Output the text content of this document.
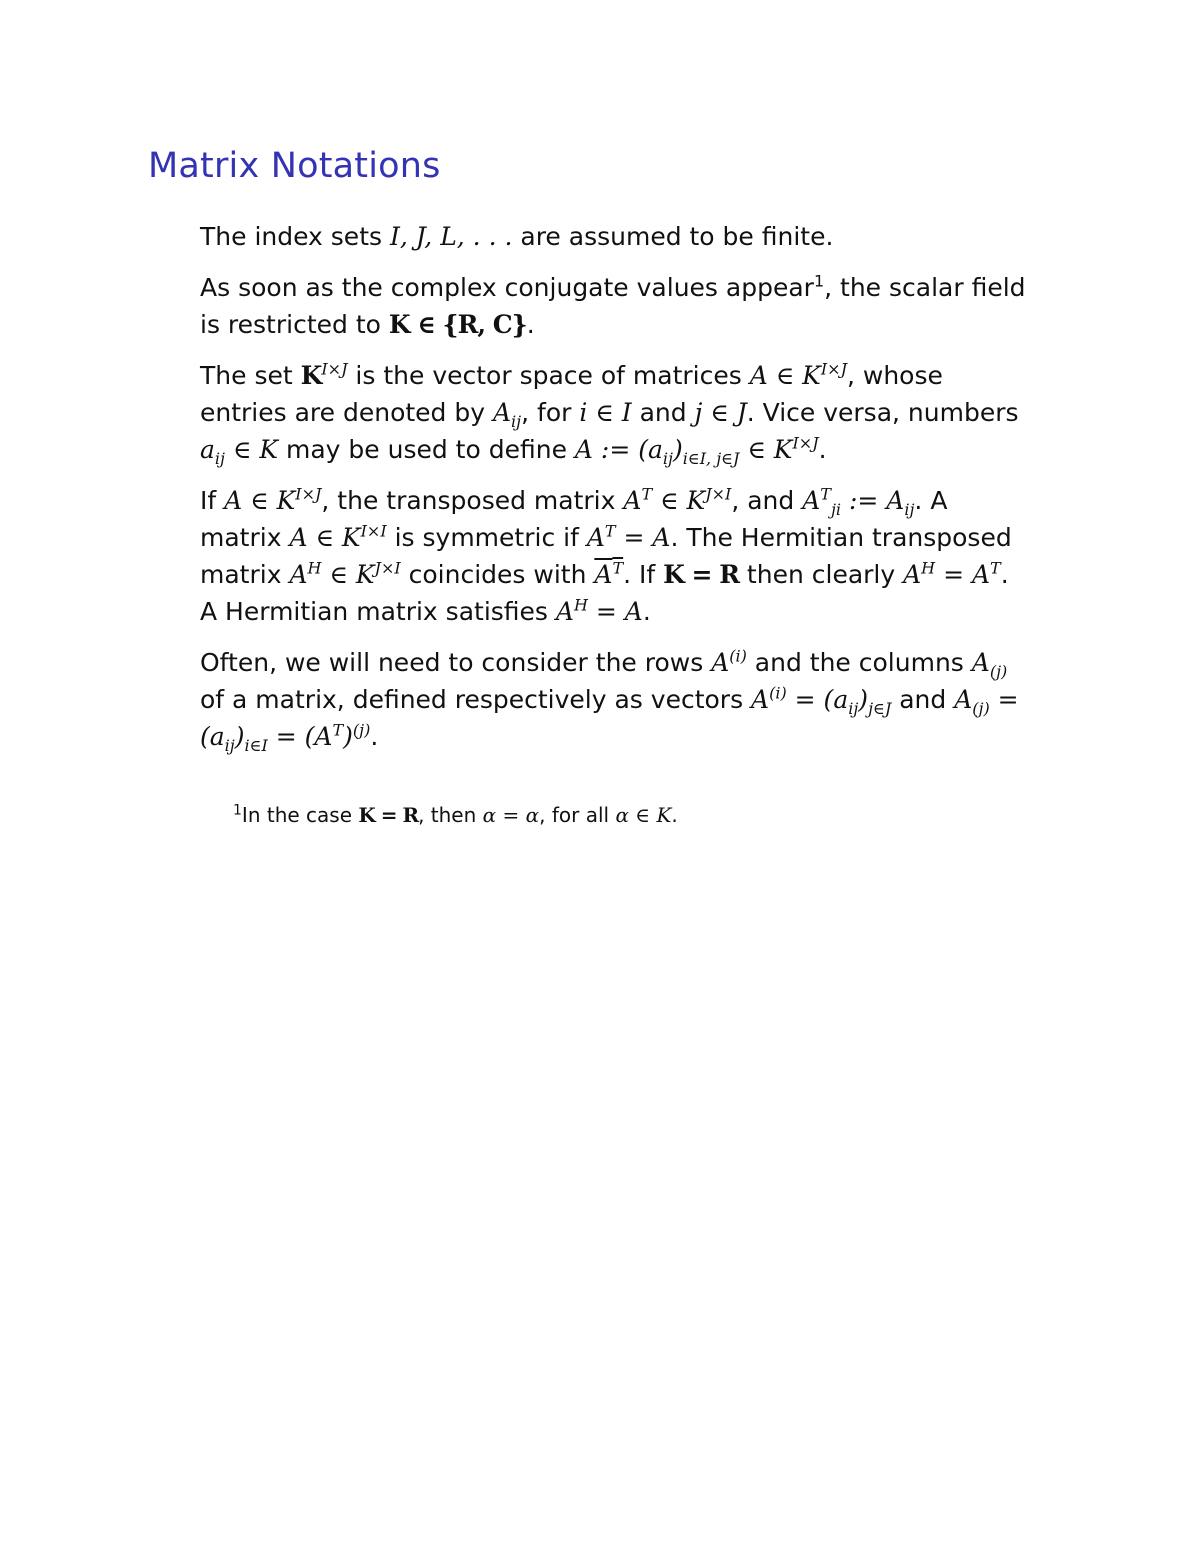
Matrix Notations

The index sets I, J, L, . . . are assumed to be finite.

As soon as the complex conjugate values appear$^1$, the scalar field is restricted to K ∈ {R, C}.

The set $K^{I\times J}$ is the vector space of matrices A ∈ $K^{I\times J}$, whose entries are denoted by $A_{ij}$, for i ∈ I and j ∈ J. Vice versa, numbers $a_{ij}$ ∈ K may be used to define A := $(a_{ij})_{i\in I, j\in J}$ ∈ $K^{I\times J}$.

If A ∈ $K^{I\times J}$, the transposed matrix $A^T$ ∈ $K^{J\times I}$, and $A^T_{ji}$ := $A_{ij}$. A matrix A ∈ $K^{I\times I}$ is symmetric if $A^T = A$. The Hermitian transposed matrix $A^H$ ∈ $K^{J\times I}$ coincides with $A^T$. If K = R then clearly $A^H = A^T$. A Hermitian matrix satisfies $A^H = A$.

Often, we will need to consider the rows $A^{(i)}$ and the columns $A_{(j)}$ of a matrix, defined respectively as vectors $A^{(i)} = (a_{ij})_{j\in J}$ and $A_{(j)} = (a_{ij})_{i\in I} = (A^T)^{(j)}$.

$^1$In the case K = R, then α = α, for all α ∈ K.
